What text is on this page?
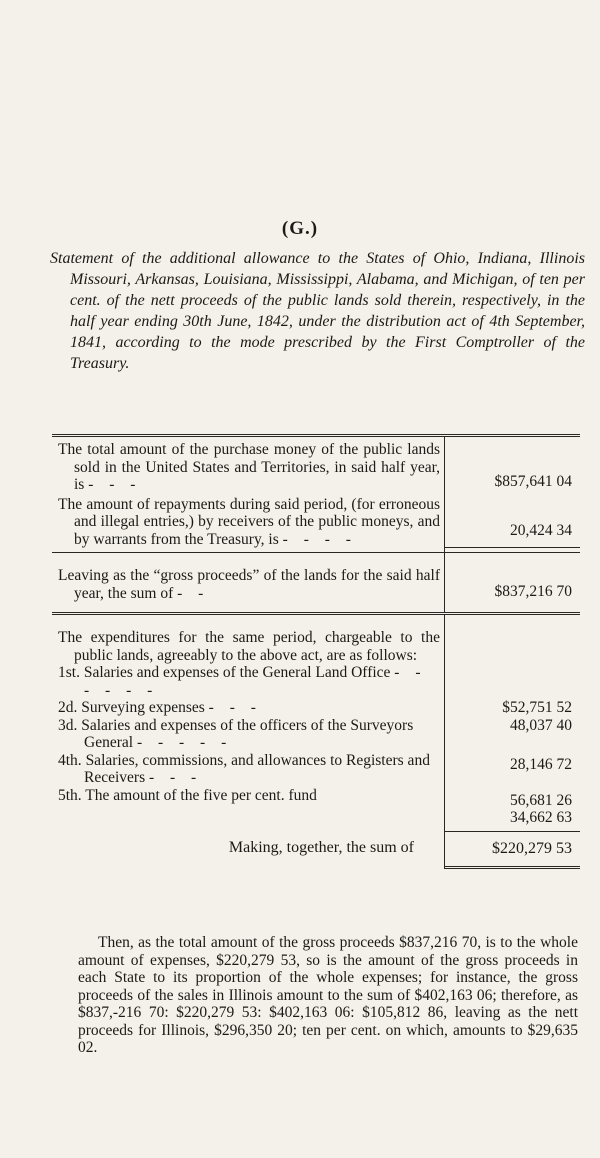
(G.)
Statement of the additional allowance to the States of Ohio, Indiana, Illinois Missouri, Arkansas, Louisiana, Mississippi, Alabama, and Michigan, of ten per cent. of the nett proceeds of the public lands sold therein, respectively, in the half year ending 30th June, 1842, under the distribution act of 4th September, 1841, according to the mode prescribed by the First Comptroller of the Treasury.
The total amount of the purchase money of the public lands sold in the United States and Territories, in said half year, is - - -
The amount of repayments during said period, (for erroneous and illegal entries,) by receivers of the public moneys, and by warrants from the Treasury, is - - - -
$857,641 04
20,424 34
Leaving as the “gross proceeds” of the lands for the said half year, the sum of - -	$837,216 70
The expenditures for the same period, chargeable to the public lands, agreeably to the above act, are as follows:
1st. Salaries and expenses of the General Land Office - - - - - -
2d. Surveying expenses - - -
3d. Salaries and expenses of the officers of the Surveyors General - - - - -
4th. Salaries, commissions, and allowances to Registers and Receivers - - -
5th. The amount of the five per cent. fund
$52,751 52
48,037 40
28,146 72
56,681 26
34,662 63
Making, together, the sum of	$220,279 53
Then, as the total amount of the gross proceeds $837,216 70, is to the whole amount of expenses, $220,279 53, so is the amount of the gross proceeds in each State to its proportion of the whole expenses; for instance, the gross proceeds of the sales in Illinois amount to the sum of $402,163 06; therefore, as $837,-216 70: $220,279 53: $402,163 06: $105,812 86, leaving as the nett proceeds for Illinois, $296,350 20; ten per cent. on which, amounts to $29,635 02.
